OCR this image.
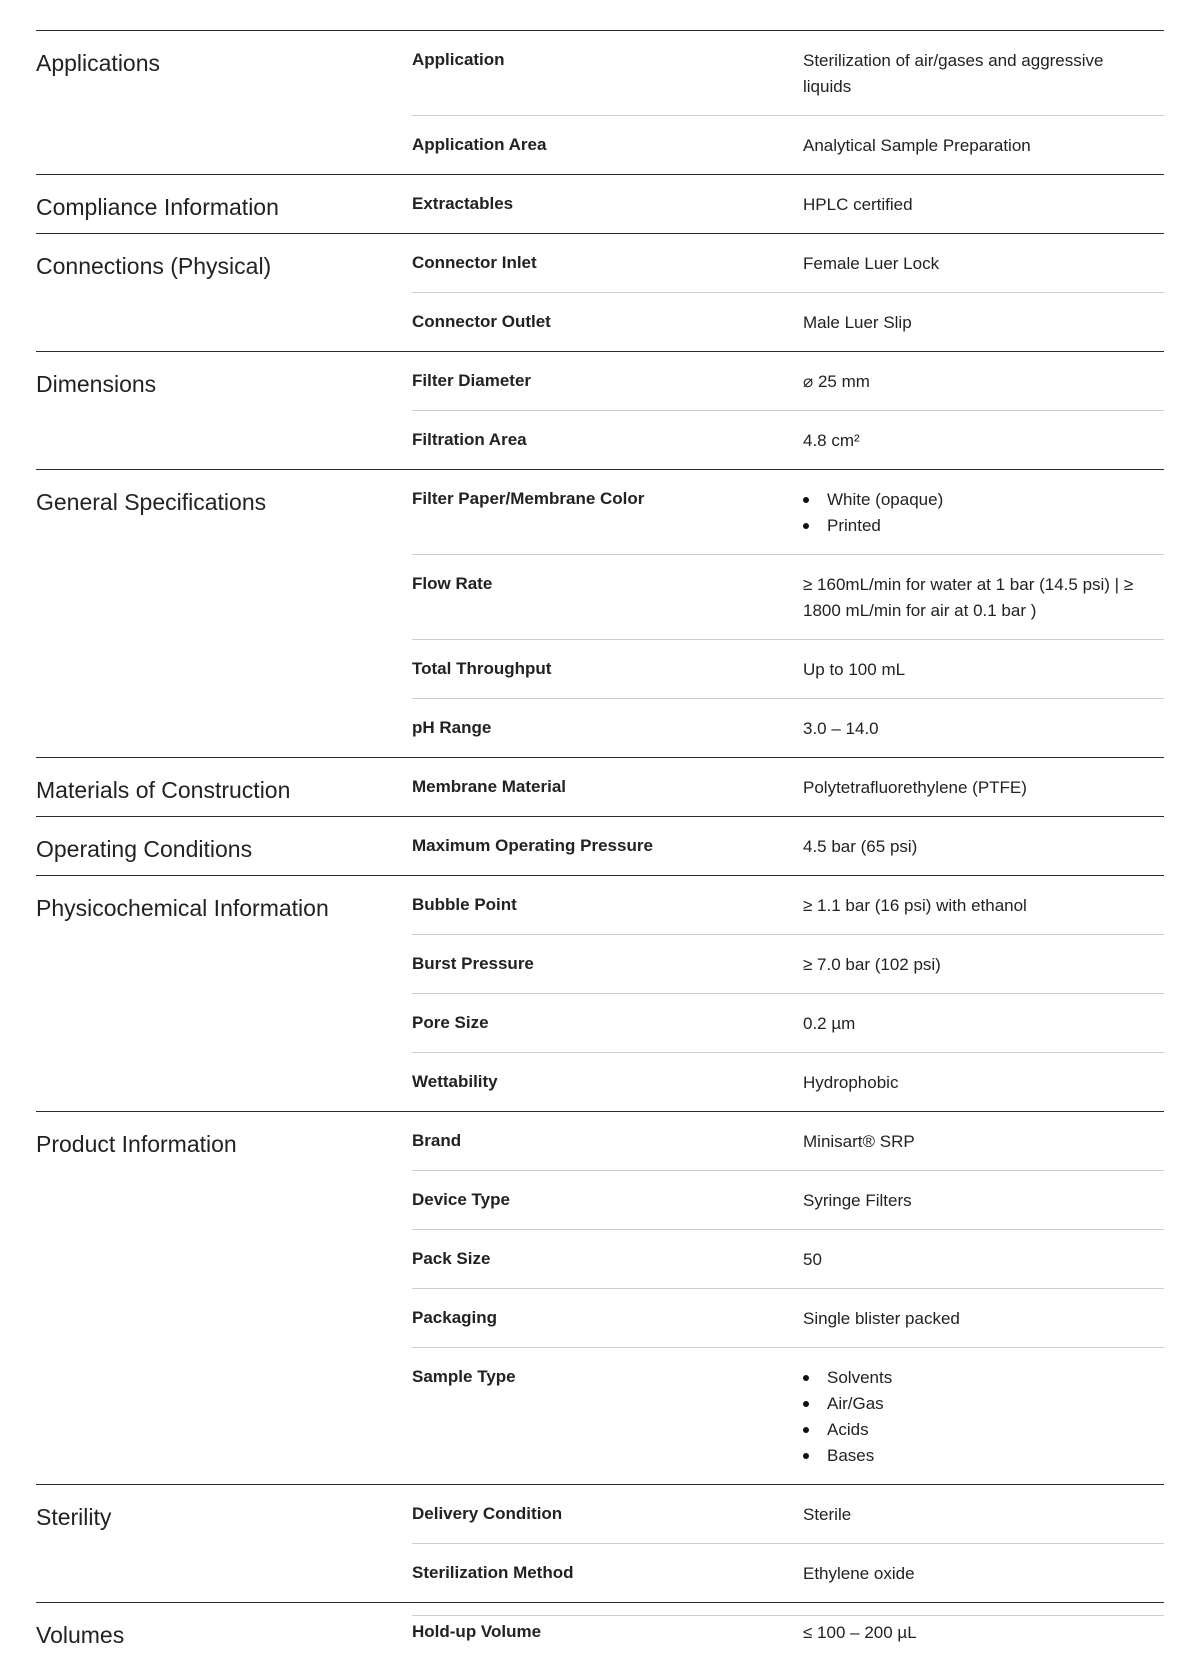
Applications	Application	Sterilization of air/gases and aggressive liquids
Application Area	Analytical Sample Preparation
Compliance Information	Extractables	HPLC certified
Connections (Physical)	Connector Inlet	Female Luer Lock
Connector Outlet	Male Luer Slip
Dimensions	Filter Diameter	⌀ 25 mm
Filtration Area	4.8 cm²
General Specifications	Filter Paper/Membrane Color	White (opaque)
Printed
Flow Rate	≥ 160mL/min for water at 1 bar (14.5 psi) | ≥ 1800 mL/min for air at 0.1 bar )
Total Throughput	Up to 100 mL
pH Range	3.0 – 14.0
Materials of Construction	Membrane Material	Polytetrafluorethylene (PTFE)
Operating Conditions	Maximum Operating Pressure	4.5 bar (65 psi)
Physicochemical Information	Bubble Point	≥ 1.1 bar (16 psi) with ethanol
Burst Pressure	≥ 7.0 bar (102 psi)
Pore Size	0.2 µm
Wettability	Hydrophobic
Product Information	Brand	Minisart® SRP
Device Type	Syringe Filters
Pack Size	50
Packaging	Single blister packed
Sample Type	Solvents
Air/Gas
Acids
Bases
Sterility	Delivery Condition	Sterile
Sterilization Method	Ethylene oxide
Volumes	Hold-up Volume	≤ 100 – 200 µL
